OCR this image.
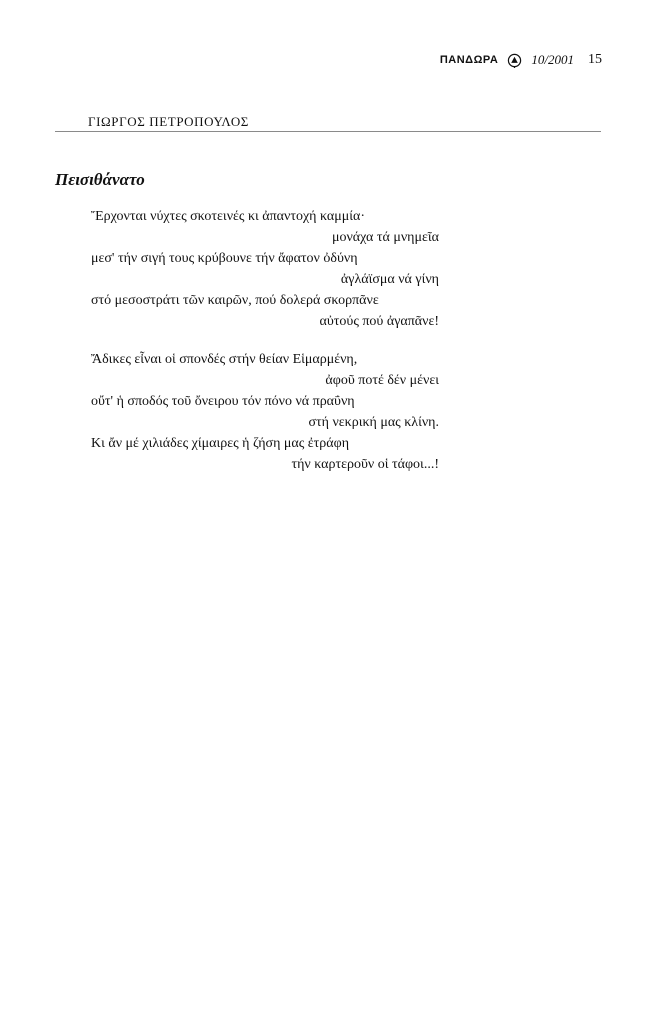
ΠΑΝΔΩΡΑ	10/2001 15
ΓΙΩΡΓΟΣ ΠΕΤΡΟΠΟΥΛΟΣ
Πεισιθάνατο
Ἔρχονται νύχτες σκοτεινές κι ἀπαντοχή καμμία·
μονάχα τά μνημεῖα
μεσ' τήν σιγή τους κρύβουνε τήν ἄφατον ὀδύνη
ἀγλάϊσμα νά γίνη
στό μεσοστράτι τῶν καιρῶν, πού δολερά σκορπᾶνε
αὐτούς πού ἀγαπᾶνε!
Ἄδικες εἶναι οἱ σπονδές στήν θείαν Εἱμαρμένη,
ἀφοῦ ποτέ δέν μένει
οὔτ' ἡ σποδός τοῦ ὄνειρου τόν πόνο νά πραΰνη
στή νεκρική μας κλίνη.
Κι ἄν μέ χιλιάδες χίμαιρες ἡ ζήση μας ἐτράφη
τήν καρτεροῦν οἱ τάφοι...!
